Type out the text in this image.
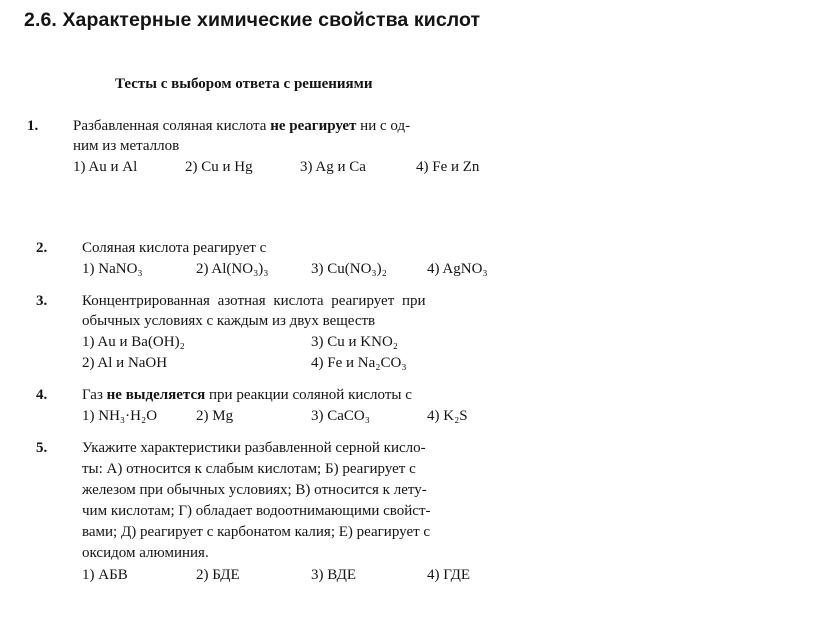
2.6. Характерные химические свойства кислот
Тесты с выбором ответа с решениями
1. Разбавленная соляная кислота не реагирует ни с од-
ним из металлов
1) Au и Al	2) Cu и Hg	3) Ag и Ca	4) Fe и Zn
2. Соляная кислота реагирует с
1) NaNO₃	2) Al(NO₃)₃	3) Cu(NO₃)₂	4) AgNO₃
3. Концентрированная азотная кислота реагирует при
обычных условиях с каждым из двух веществ
1) Au и Ba(OH)₂	3) Cu и KNO₂
2) Al и NaOH	4) Fe и Na₂CO₃
4. Газ не выделяется при реакции соляной кислоты с
1) NH₃·H₂O	2) Mg	3) CaCO₃	4) K₂S
5. Укажите характеристики разбавленной серной кисло-
ты: А) относится к слабым кислотам; Б) реагирует с
железом при обычных условиях; В) относится к лету-
чим кислотам; Г) обладает водоотнимающими свойст-
вами; Д) реагирует с карбонатом калия; Е) реагирует с
оксидом алюминия.
1) АБВ	2) БДЕ	3) ВДЕ	4) ГДЕ
